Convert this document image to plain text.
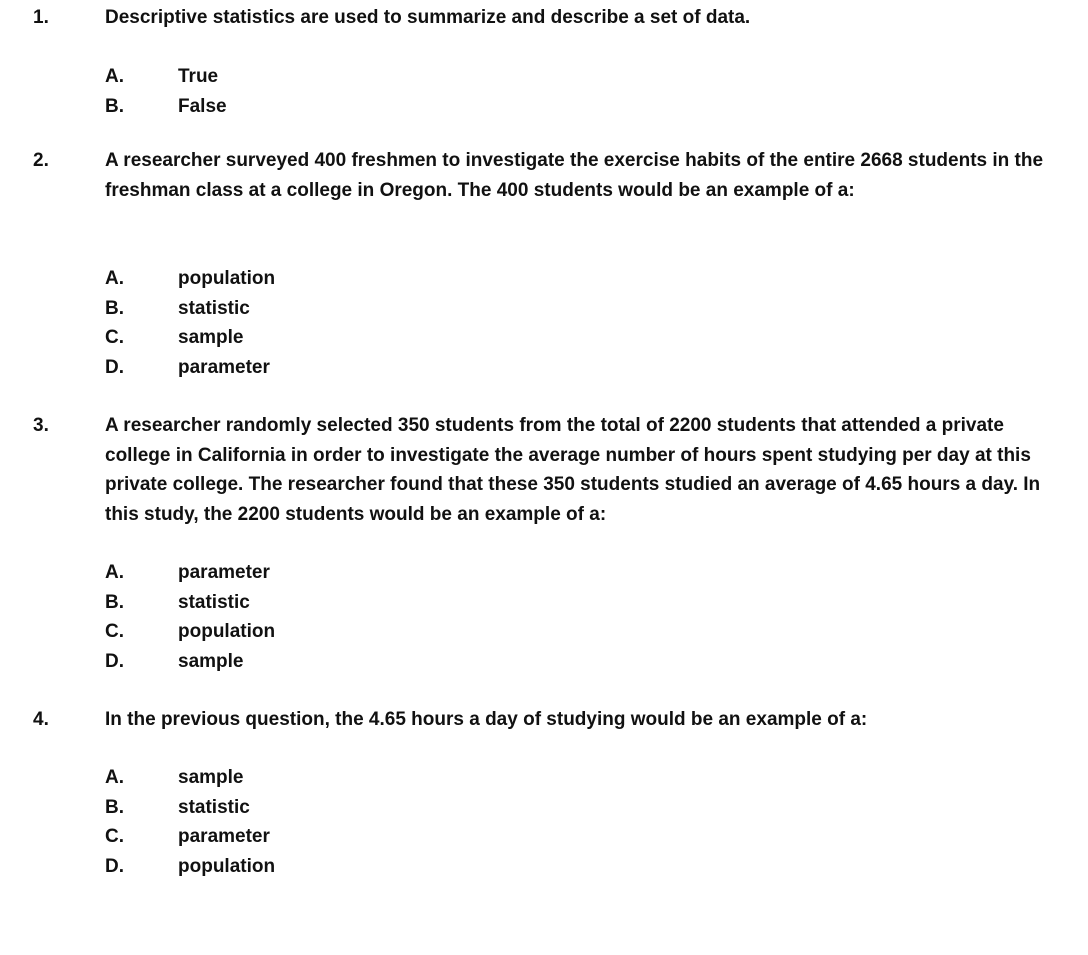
1.	Descriptive statistics are used to summarize and describe a set of data.
A.	True
B.	False
2.	A researcher surveyed 400 freshmen to investigate the exercise habits of the entire 2668 students in the freshman class at a college in Oregon. The 400 students would be an example of a:
A.	population
B.	statistic
C.	sample
D.	parameter
3.	A researcher randomly selected 350 students from the total of 2200 students that attended a private college in California in order to investigate the average number of hours spent studying per day at this private college. The researcher found that these 350 students studied an average of 4.65 hours a day. In this study, the 2200 students would be an example of a:
A.	parameter
B.	statistic
C.	population
D.	sample
4.	In the previous question, the 4.65 hours a day of studying would be an example of a:
A.	sample
B.	statistic
C.	parameter
D.	population
